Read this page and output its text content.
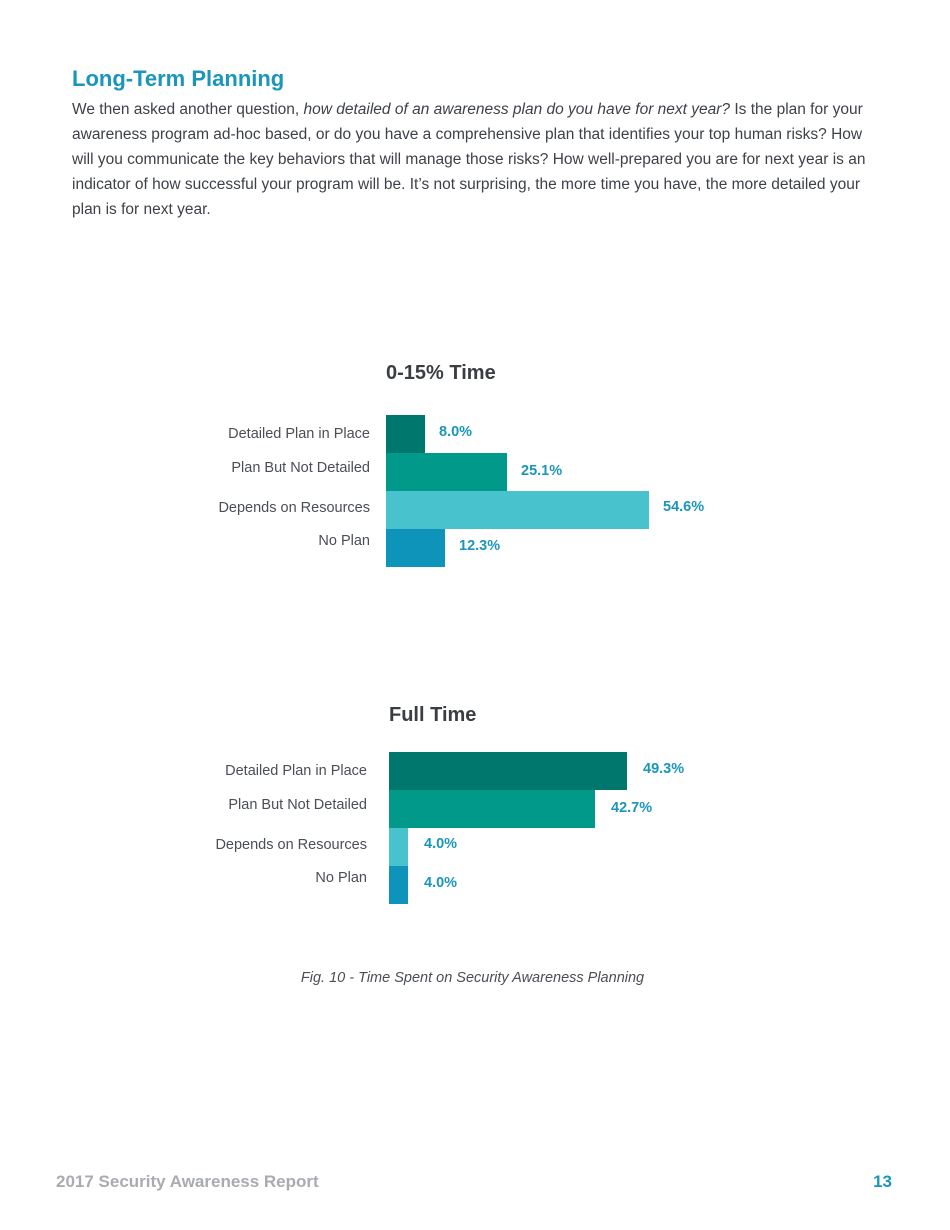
Long-Term Planning

We then asked another question, how detailed of an awareness plan do you have for next year? Is the plan for your awareness program ad-hoc based, or do you have a comprehensive plan that identifies your top human risks? How will you communicate the key behaviors that will manage those risks? How well-prepared you are for next year is an indicator of how successful your program will be. It’s not surprising, the more time you have, the more detailed your plan is for next year.

0-15% Time
Detailed Plan in Place	8.0%
Plan But Not Detailed	25.1%
Depends on Resources	54.6%
No Plan	12.3%
Full Time
Detailed Plan in Place	49.3%
Plan But Not Detailed	42.7%
Depends on Resources	4.0%
No Plan	4.0%

Fig. 10 - Time Spent on Security Awareness Planning

2017 Security Awareness Report	13
